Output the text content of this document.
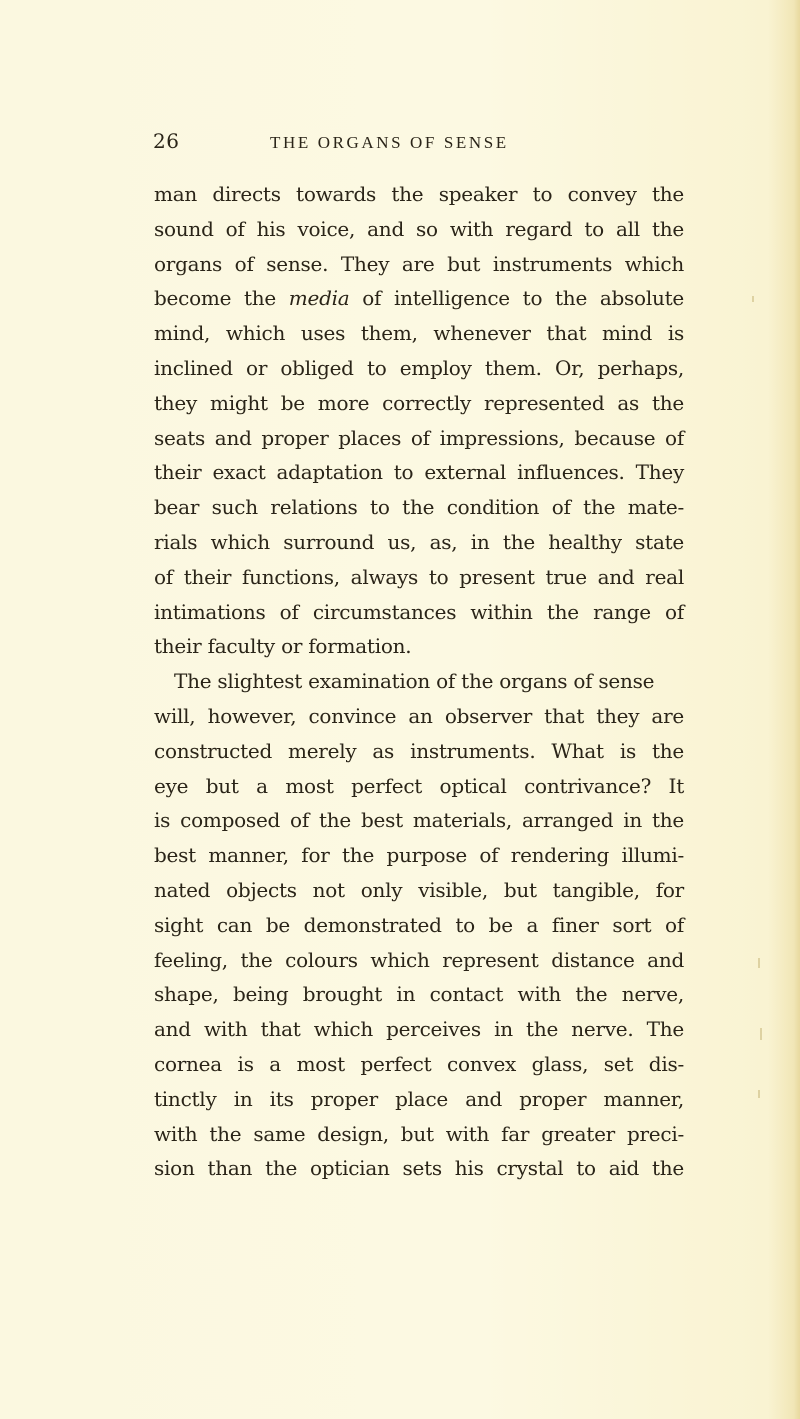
26	THE ORGANS OF SENSE
man directs towards the speaker to convey the
sound of his voice, and so with regard to all the
organs of sense. They are but instruments which
become the media of intelligence to the absolute
mind, which uses them, whenever that mind is
inclined or obliged to employ them. Or, perhaps,
they might be more correctly represented as the
seats and proper places of impressions, because of
their exact adaptation to external influences. They
bear such relations to the condition of the mate-
rials which surround us, as, in the healthy state
of their functions, always to present true and real
intimations of circumstances within the range of
their faculty or formation.
The slightest examination of the organs of sense
will, however, convince an observer that they are
constructed merely as instruments. What is the
eye but a most perfect optical contrivance? It
is composed of the best materials, arranged in the
best manner, for the purpose of rendering illumi-
nated objects not only visible, but tangible, for
sight can be demonstrated to be a finer sort of
feeling, the colours which represent distance and
shape, being brought in contact with the nerve,
and with that which perceives in the nerve. The
cornea is a most perfect convex glass, set dis-
tinctly in its proper place and proper manner,
with the same design, but with far greater preci-
sion than the optician sets his crystal to aid the
